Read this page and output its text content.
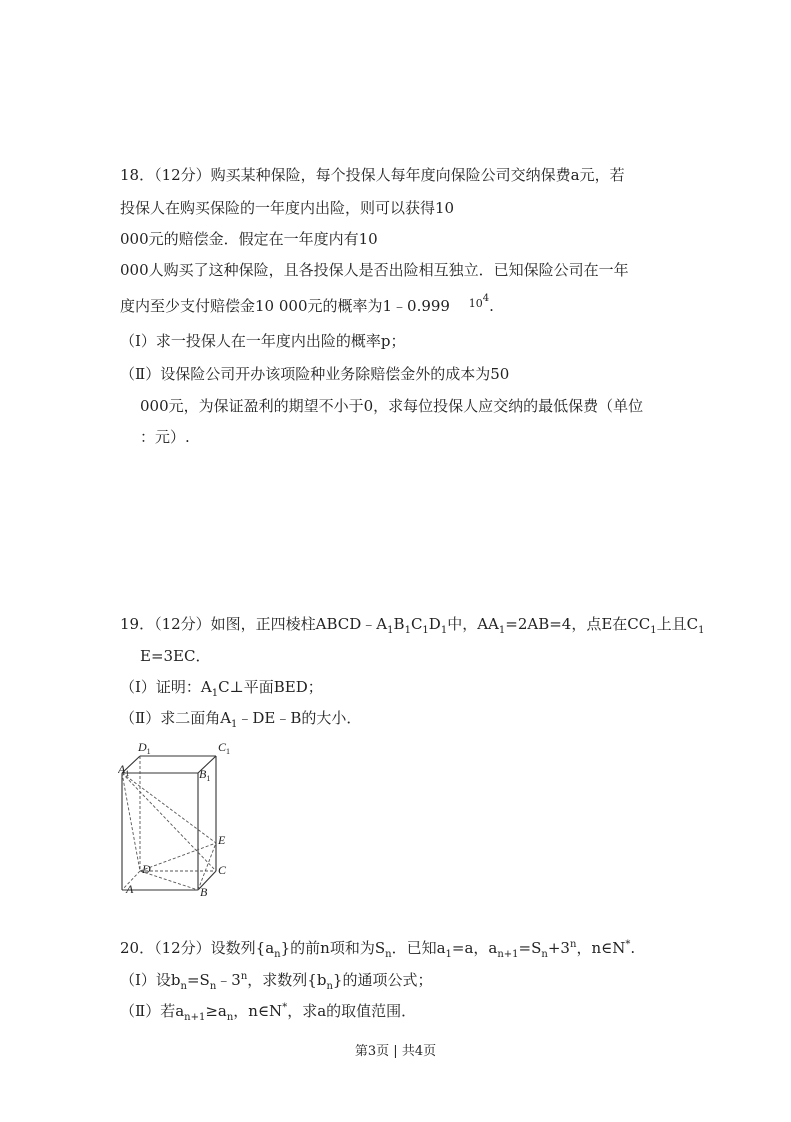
18．（12分）购买某种保险，每个投保人每年度向保险公司交纳保费a元，若
投保人在购买保险的一年度内出险，则可以获得10
000元的赔偿金．假定在一年度内有10
000人购买了这种保险，且各投保人是否出险相互独立．已知保险公司在一年
度内至少支付赔偿金10 000元的概率为1﹣0.999 $^{104}$.
（Ⅰ）求一投保人在一年度内出险的概率p；
（Ⅱ）设保险公司开办该项险种业务除赔偿金外的成本为50
000元，为保证盈利的期望不小于0，求每位投保人应交纳的最低保费（单位
：元）.
19．（12分）如图，正四棱柱$ABCD﹣A_1B_1C_1D_1$中，$AA_1=2AB=4$，点E在$CC_1$上且$C_1$
E=3EC．
（Ⅰ）证明：$A_1C\perp$平面BED；
（Ⅱ）求二面角$A_1﹣DE﹣B$的大小．
$D_1$	$C_1$
$A_1$	$B_1$
E
D	C
A	B
20．（12分）设数列$\{a_n\}$的前n项和为$S_n$．已知$a_1=a$，$a_{n+1}=S_n+3^n$，n∈N*.
（Ⅰ）设$b_n=S_n﹣3^n$，求数列$\{b_n\}$的通项公式；
（Ⅱ）若$a_{n+1}\ge a_n$，n∈N*，求a的取值范围．
第3页 | 共4页
